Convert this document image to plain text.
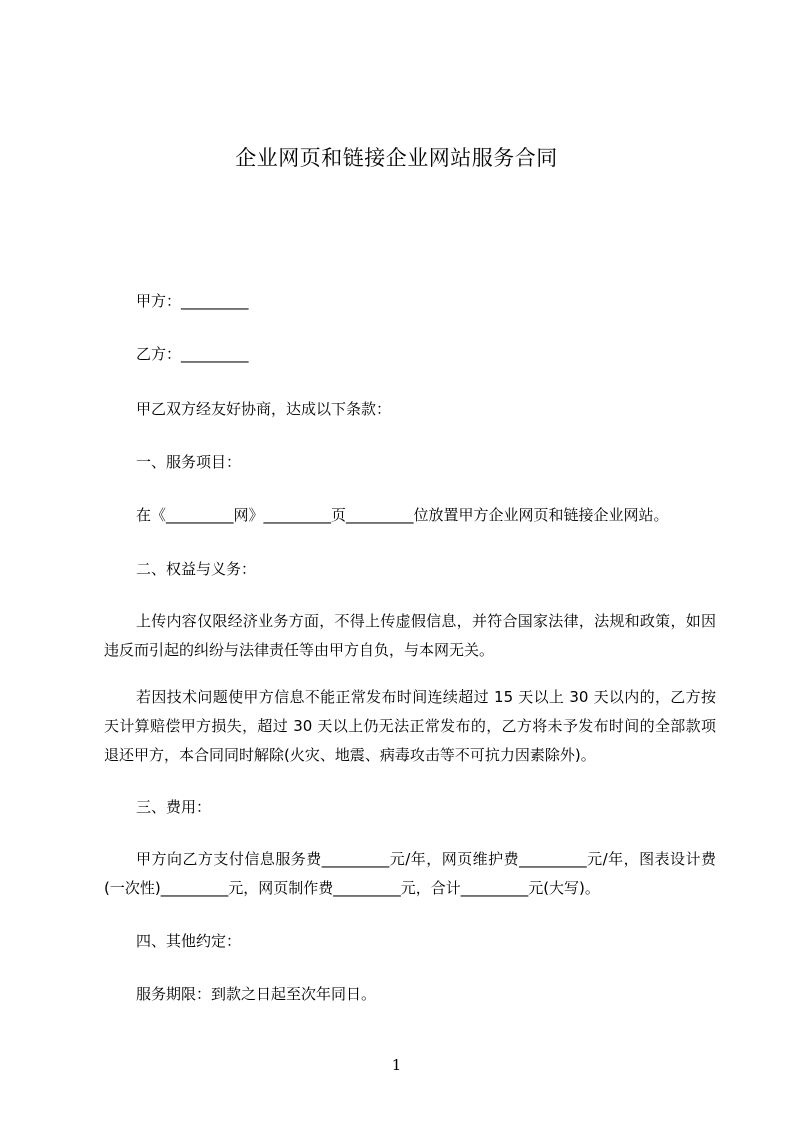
企业网页和链接企业网站服务合同
甲方：_________
乙方：_________
甲乙双方经友好协商，达成以下条款：
一、服务项目：
在《_________网》_________页_________位放置甲方企业网页和链接企业网站。
二、权益与义务：
上传内容仅限经济业务方面，不得上传虚假信息，并符合国家法律，法规和政策，如因违反而引起的纠纷与法律责任等由甲方自负，与本网无关。
若因技术问题使甲方信息不能正常发布时间连续超过 15 天以上 30 天以内的，乙方按天计算赔偿甲方损失，超过 30 天以上仍无法正常发布的，乙方将未予发布时间的全部款项退还甲方，本合同同时解除(火灾、地震、病毒攻击等不可抗力因素除外)。
三、费用：
甲方向乙方支付信息服务费_________元/年，网页维护费_________元/年，图表设计费(一次性)_________元，网页制作费_________元，合计_________元(大写)。
四、其他约定：
服务期限：到款之日起至次年同日。
1
